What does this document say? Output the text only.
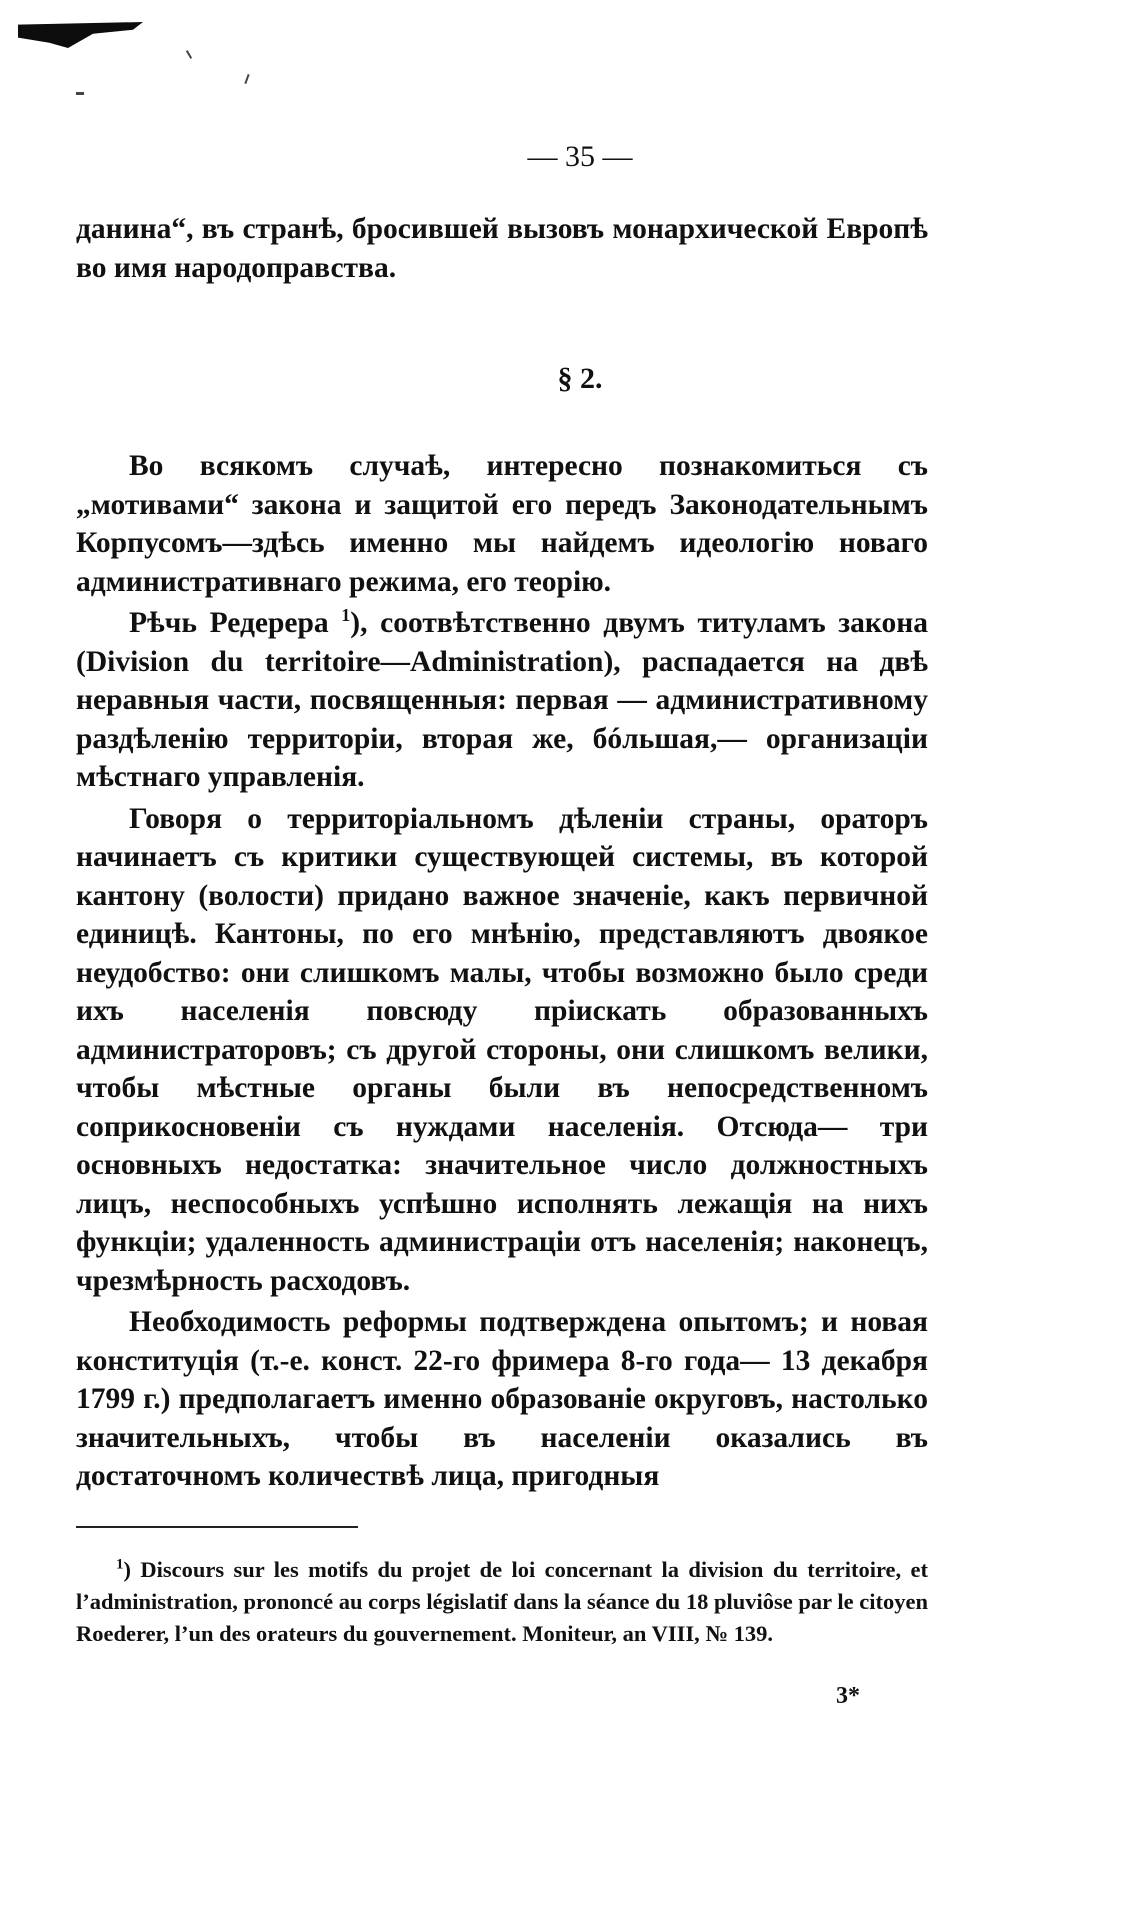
— 35 —

данина“, въ странѣ, бросившей вызовъ монархической Европѣ во имя народоправства.

§ 2.

Во всякомъ случаѣ, интересно познакомиться съ „мотивами“ закона и защитой его передъ Законодательнымъ Корпусомъ—здѣсь именно мы найдемъ идеологію новаго административнаго режима, его теорію.

Рѣчь Редерера $^1$), соотвѣтственно двумъ титуламъ закона (Division du territoire—Administration), распадается на двѣ неравныя части, посвященныя: первая — административному раздѣленію территоріи, вторая же, бóльшая,— организаціи мѣстнаго управленія.

Говоря о территоріальномъ дѣленіи страны, ораторъ начинаетъ съ критики существующей системы, въ которой кантону (волости) придано важное значеніе, какъ первичной единицѣ. Кантоны, по его мнѣнію, представляютъ двоякое неудобство: они слишкомъ малы, чтобы возможно было среди ихъ населенія повсюду пріискать образованныхъ администраторовъ; съ другой стороны, они слишкомъ велики, чтобы мѣстные органы были въ непосредственномъ соприкосновеніи съ нуждами населенія. Отсюда— три основныхъ недостатка: значительное число должностныхъ лицъ, неспособныхъ успѣшно исполнять лежащія на нихъ функціи; удаленность администраціи отъ населенія; наконецъ, чрезмѣрность расходовъ.

Необходимость реформы подтверждена опытомъ; и новая конституція (т.-е. конст. 22-го фримера 8-го года— 13 декабря 1799 г.) предполагаетъ именно образованіе округовъ, настолько значительныхъ, чтобы въ населеніи оказались въ достаточномъ количествѣ лица, пригодныя

$^1$) Discours sur les motifs du projet de loi concernant la division du territoire, et l’administration, prononcé au corps législatif dans la séance du 18 pluviôse par le citoyen Roederer, l’un des orateurs du gouvernement. Moniteur, an VIII, № 139.
3*
